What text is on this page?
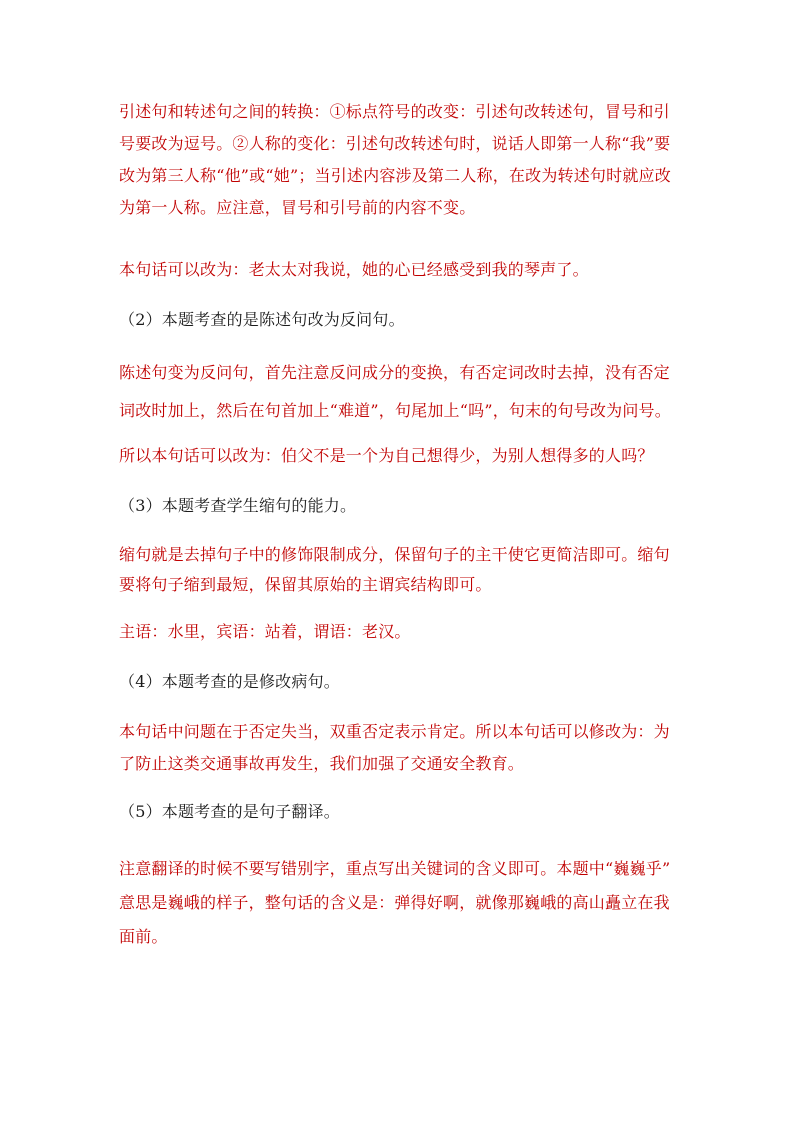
引述句和转述句之间的转换：①标点符号的改变：引述句改转述句，冒号和引
号要改为逗号。②人称的变化：引述句改转述句时，说话人即第一人称“我”要
改为第三人称“他”或“她”；当引述内容涉及第二人称，在改为转述句时就应改
为第一人称。应注意，冒号和引号前的内容不变。
本句话可以改为：老太太对我说，她的心已经感受到我的琴声了。
（2）本题考查的是陈述句改为反问句。
陈述句变为反问句，首先注意反问成分的变换，有否定词改时去掉，没有否定
词改时加上，然后在句首加上“难道”，句尾加上“吗”，句末的句号改为问号。
所以本句话可以改为：伯父不是一个为自己想得少，为别人想得多的人吗？
（3）本题考查学生缩句的能力。
缩句就是去掉句子中的修饰限制成分，保留句子的主干使它更简洁即可。缩句
要将句子缩到最短，保留其原始的主谓宾结构即可。
主语：水里，宾语：站着，谓语：老汉。
（4）本题考查的是修改病句。
本句话中问题在于否定失当，双重否定表示肯定。所以本句话可以修改为：为
了防止这类交通事故再发生，我们加强了交通安全教育。
（5）本题考查的是句子翻译。
注意翻译的时候不要写错别字，重点写出关键词的含义即可。本题中“巍巍乎”
意思是巍峨的样子，整句话的含义是：弹得好啊，就像那巍峨的高山矗立在我
面前。
